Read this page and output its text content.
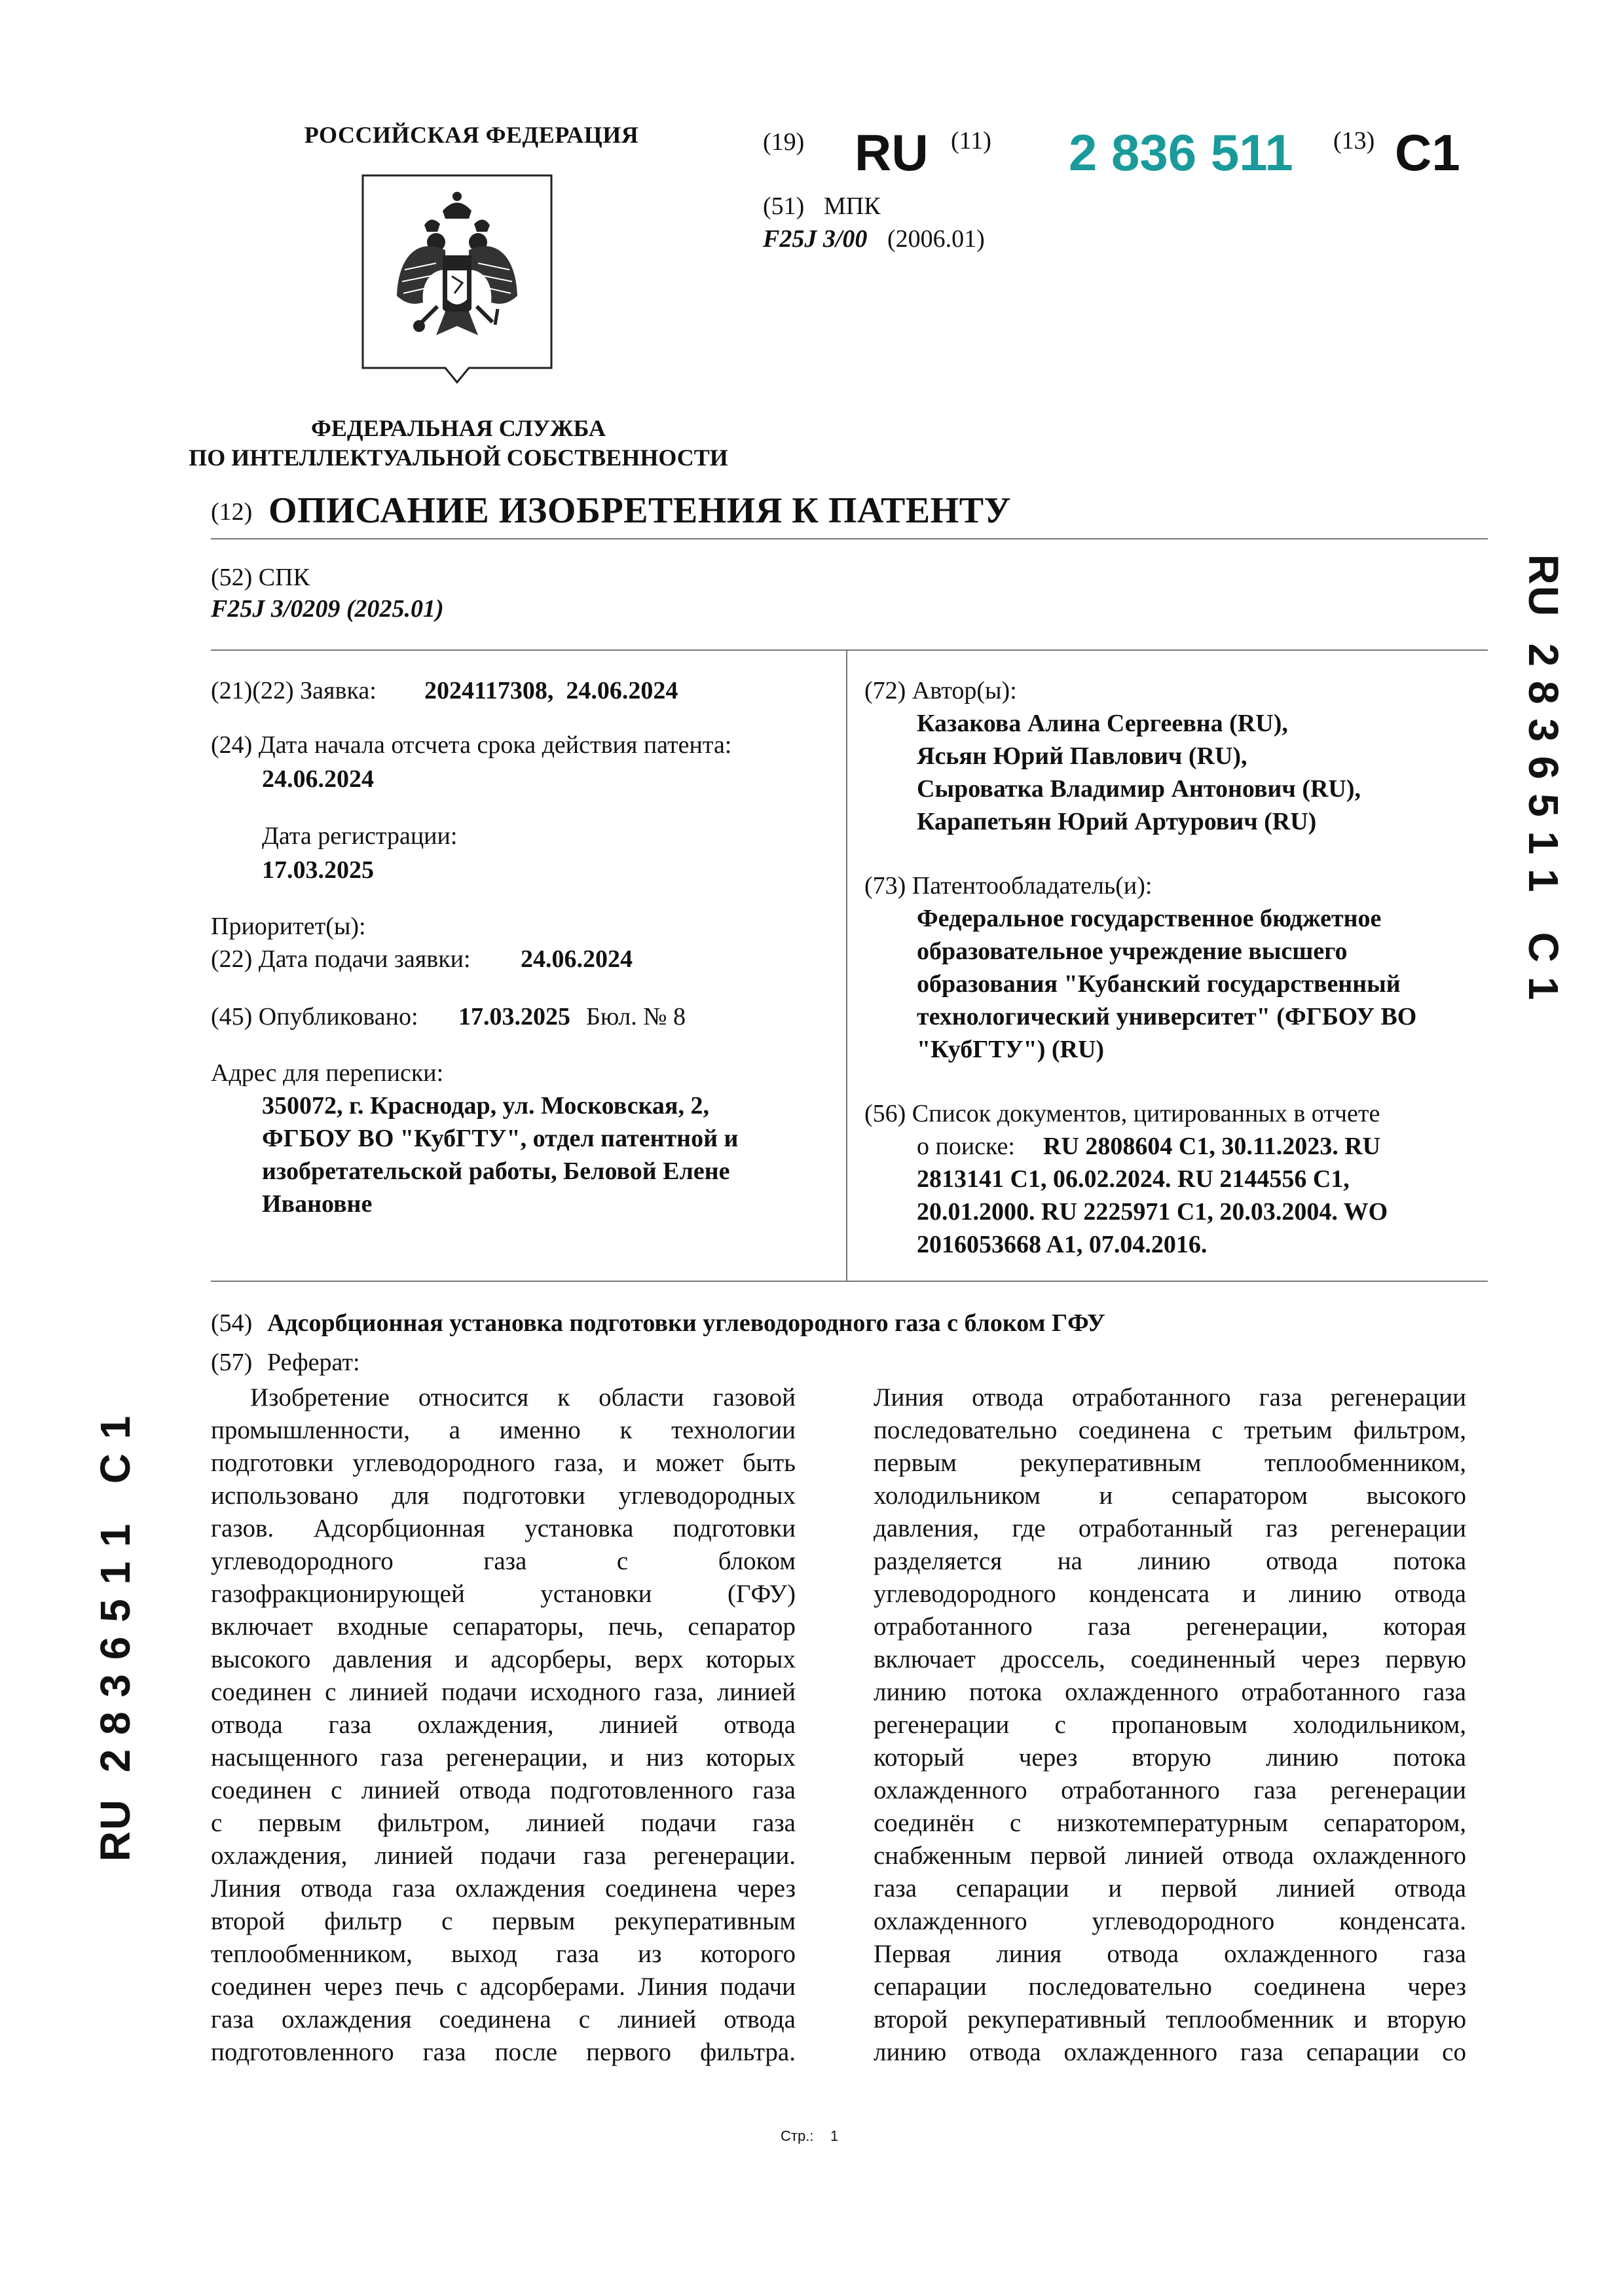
РОССИЙСКАЯ ФЕДЕРАЦИЯ
ФЕДЕРАЛЬНАЯ СЛУЖБА
ПО ИНТЕЛЛЕКТУАЛЬНОЙ СОБСТВЕННОСТИ
(19) RU (11) 2 836 511 (13) C1
(51) МПК
F25J 3/00 (2006.01)
(12) ОПИСАНИЕ ИЗОБРЕТЕНИЯ К ПАТЕНТУ
(52) СПК
F25J 3/0209 (2025.01)
(21)(22) Заявка: 2024117308,  24.06.2024
(24) Дата начала отсчета срока действия патента:
24.06.2024
Дата регистрации:
17.03.2025
Приоритет(ы):
(22) Дата подачи заявки: 24.06.2024
(45) Опубликовано: 17.03.2025 Бюл. № 8
Адрес для переписки:
350072, г. Краснодар, ул. Московская, 2,
ФГБОУ ВО "КубГТУ", отдел патентной и
изобретательской работы, Беловой Елене
Ивановне
(72) Автор(ы):
Казакова Алина Сергеевна (RU),
Ясьян Юрий Павлович (RU),
Сыроватка Владимир Антонович (RU),
Карапетьян Юрий Артурович (RU)
(73) Патентообладатель(и):
Федеральное государственное бюджетное
образовательное учреждение высшего
образования "Кубанский государственный
технологический университет" (ФГБОУ ВО
"КубГТУ") (RU)
(56) Список документов, цитированных в отчете
о поиске: RU 2808604 C1, 30.11.2023. RU
2813141 C1, 06.02.2024. RU 2144556 C1,
20.01.2000. RU 2225971 C1, 20.03.2004. WO
2016053668 A1, 07.04.2016.
(54) Адсорбционная установка подготовки углеводородного газа с блоком ГФУ
(57) Реферат:
Изобретение относится к области газовой
промышленности, а именно к технологии
подготовки углеводородного газа, и может быть
использовано для подготовки углеводородных
газов. Адсорбционная установка подготовки
углеводородного газа с блоком
газофракционирующей установки (ГФУ)
включает входные сепараторы, печь, сепаратор
высокого давления и адсорберы, верх которых
соединен с линией подачи исходного газа, линией
отвода газа охлаждения, линией отвода
насыщенного газа регенерации, и низ которых
соединен с линией отвода подготовленного газа
с первым фильтром, линией подачи газа
охлаждения, линией подачи газа регенерации.
Линия отвода газа охлаждения соединена через
второй фильтр с первым рекуперативным
теплообменником, выход газа из которого
соединен через печь с адсорберами. Линия подачи
газа охлаждения соединена с линией отвода
подготовленного газа после первого фильтра.
Линия отвода отработанного газа регенерации
последовательно соединена с третьим фильтром,
первым рекуперативным теплообменником,
холодильником и сепаратором высокого
давления, где отработанный газ регенерации
разделяется на линию отвода потока
углеводородного конденсата и линию отвода
отработанного газа регенерации, которая
включает дроссель, соединенный через первую
линию потока охлажденного отработанного газа
регенерации с пропановым холодильником,
который через вторую линию потока
охлажденного отработанного газа регенерации
соединён с низкотемпературным сепаратором,
снабженным первой линией отвода охлажденного
газа сепарации и первой линией отвода
охлажденного углеводородного конденсата.
Первая линия отвода охлажденного газа
сепарации последовательно соединена через
второй рекуперативный теплообменник и вторую
линию отвода охлажденного газа сепарации со
RU  2 8 3 6 5 1 1   C 1
RU  2 8 3 6 5 1 1   C 1
Стр.: 1
